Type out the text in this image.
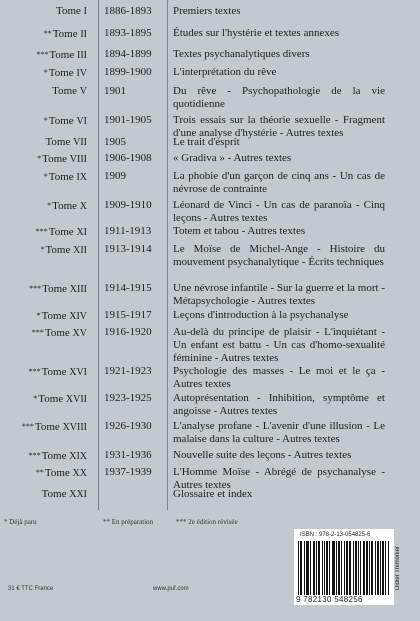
Tome I 1886-1893 Premiers textes
**Tome II 1893-1895 Études sur l'hystérie et textes annexes
***Tome III 1894-1899 Textes psychanalytiques divers
*Tome IV 1899-1900 L'interprétation du rêve
Tome V 1901	Du rêve - Psychopathologie de la vie quotidienne
*Tome VI 1901-1905 Trois essais sur la théorie sexuelle - Fragment d'une analyse d'hystérie - Autres textes
Tome VII 1905	Le trait d'esprit
*Tome VIII 1906-1908 « Gradiva » - Autres textes
*Tome IX 1909	La phobie d'un garçon de cinq ans - Un cas de névrose de contrainte
*Tome X 1909-1910 Léonard de Vinci - Un cas de paranoïa - Cinq leçons - Autres textes
***Tome XI 1911-1913 Totem et tabou - Autres textes
*Tome XII 1913-1914 Le Moïse de Michel-Ange - Histoire du mouvement psychanalytique - Écrits techniques
***Tome XIII 1914-1915 Une névrose infantile - Sur la guerre et la mort - Métapsychologie - Autres textes
*Tome XIV 1915-1917 Leçons d'introduction à la psychanalyse
***Tome XV 1916-1920 Au-delà du principe de plaisir - L'inquiétant - Un enfant est battu - Un cas d'homo-sexualité féminine - Autres textes
***Tome XVI 1921-1923 Psychologie des masses - Le moi et le ça - Autres textes
*Tome XVII 1923-1925 Autoprésentation - Inhibition, symptôme et angoisse - Autres textes
***Tome XVIII 1926-1930 L'analyse profane - L'avenir d'une illusion - Le malaise dans la culture - Autres textes
***Tome XIX 1931-1936 Nouvelle suite des leçons - Autres textes
**Tome XX 1937-1939 L'Homme Moïse - Abrégé de psychanalyse - Autres textes
Tome XXI	Glossaire et index
* Déjà paru	** En préparation	*** 2e édition révisée
31 € TTC France	www.puf.com
ISBN : 978-2-13-054825-6
9 782130 548256
Didier Thimonier
